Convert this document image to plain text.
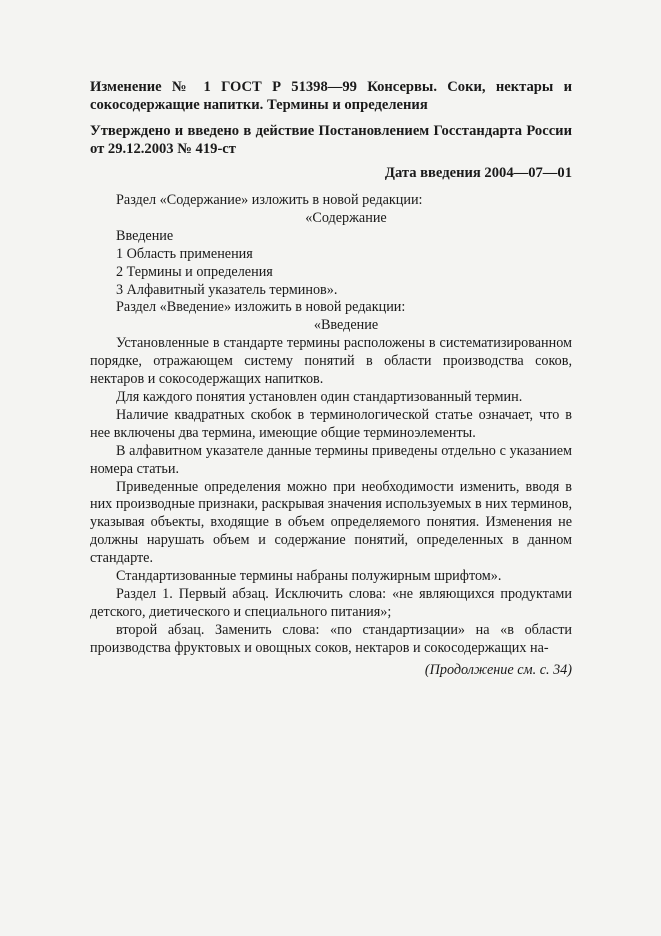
Изменение № 1 ГОСТ Р 51398—99 Консервы. Соки, нектары и сокосодержащие напитки. Термины и определения

Утверждено и введено в действие Постановлением Госстандарта России от 29.12.2003 № 419-ст

Дата введения 2004—07—01

Раздел «Содержание» изложить в новой редакции:

«Содержание

Введение

1 Область применения

2 Термины и определения

3 Алфавитный указатель терминов».

Раздел «Введение» изложить в новой редакции:

«Введение

Установленные в стандарте термины расположены в систематизированном порядке, отражающем систему понятий в области производства соков, нектаров и сокосодержащих напитков.

Для каждого понятия установлен один стандартизованный термин.

Наличие квадратных скобок в терминологической статье означает, что в нее включены два термина, имеющие общие терминоэлементы.

В алфавитном указателе данные термины приведены отдельно с указанием номера статьи.

Приведенные определения можно при необходимости изменить, вводя в них производные признаки, раскрывая значения используемых в них терминов, указывая объекты, входящие в объем определяемого понятия. Изменения не должны нарушать объем и содержание понятий, определенных в данном стандарте.

Стандартизованные термины набраны полужирным шрифтом».

Раздел 1. Первый абзац. Исключить слова: «не являющихся продуктами детского, диетического и специального питания»;

второй абзац. Заменить слова: «по стандартизации» на «в области производства фруктовых и овощных соков, нектаров и сокосодержащих на-

(Продолжение см. с. 34)
